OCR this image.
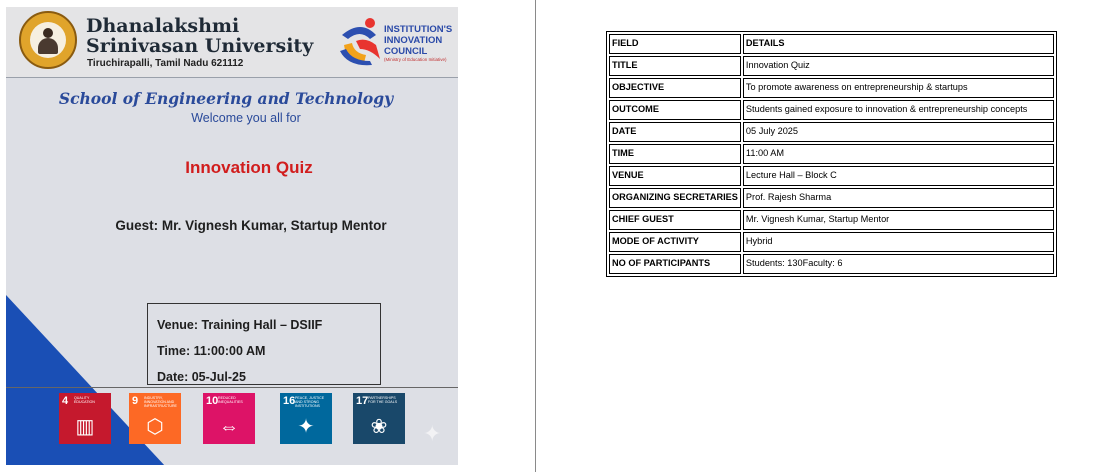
Dhanalakshmi Srinivasan University
Tiruchirapalli, Tamil Nadu 621112
INSTITUTION'S INNOVATION COUNCIL
(Ministry of Education Initiative)
School of Engineering and Technology
Welcome you all for
Innovation Quiz
Guest: Mr. Vignesh Kumar, Startup Mentor
Venue: Training Hall – DSIIF
Time: 11:00:00 AM
Date: 05-Jul-25
4 QUALITY EDUCATION
▥
9 INDUSTRY, INNOVATION AND INFRASTRUCTURE
⬡
10 REDUCED INEQUALITIES
⇔
16 PEACE, JUSTICE AND STRONG INSTITUTIONS
✦
17 PARTNERSHIPS FOR THE GOALS
❀	✦
FIELD	DETAILS
TITLE	Innovation Quiz
OBJECTIVE	To promote awareness on entrepreneurship & startups
OUTCOME	Students gained exposure to innovation & entrepreneurship concepts
DATE	05 July 2025
TIME	11:00 AM
VENUE	Lecture Hall – Block C
ORGANIZING SECRETARIES	Prof. Rajesh Sharma
CHIEF GUEST	Mr. Vignesh Kumar, Startup Mentor
MODE OF ACTIVITY	Hybrid
NO OF PARTICIPANTS	Students: 130Faculty: 6
